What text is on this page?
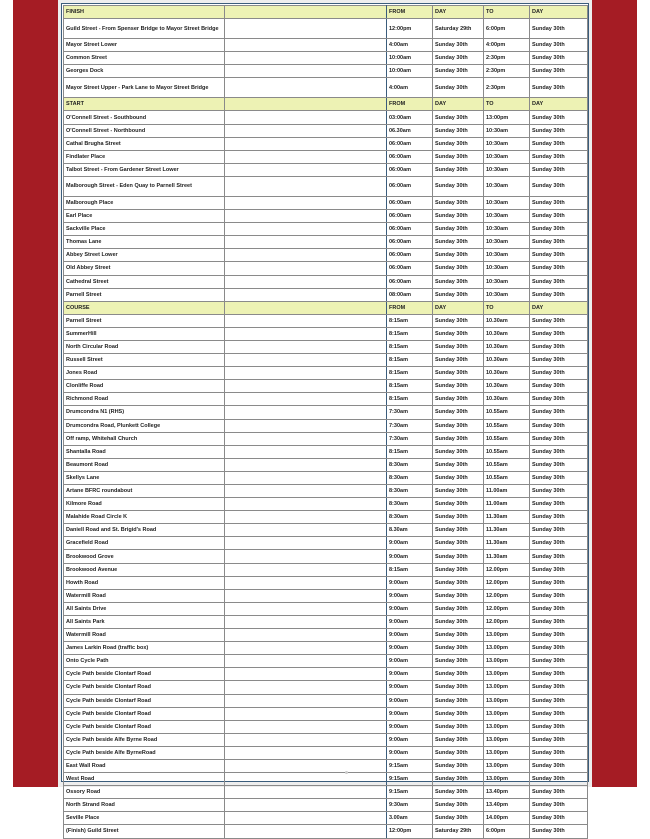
FINISH		FROM	DAY	TO	DAY
Guild Street - From Spenser Bridge to Mayor Street Bridge		12:00pm	Saturday 29th	6:00pm	Sunday 30th
Mayor Street Lower		4:00am	Sunday 30th	4:00pm	Sunday 30th
Common Street		10:00am	Sunday 30th	2:30pm	Sunday 30th
Georges Dock		10:00am	Sunday 30th	2:30pm	Sunday 30th
Mayor Street Upper - Park Lane to Mayor Street Bridge		4:00am	Sunday 30th	2:30pm	Sunday 30th
START		FROM	DAY	TO	DAY
O'Connell Street - Southbound		03:00am	Sunday 30th	13:00pm	Sunday 30th
O'Connell Street - Northbound		06.30am	Sunday 30th	10:30am	Sunday 30th
Cathal Brugha Street		06:00am	Sunday 30th	10:30am	Sunday 30th
Findlater Place		06:00am	Sunday 30th	10:30am	Sunday 30th
Talbot Street - From Gardener Street Lower		06:00am	Sunday 30th	10:30am	Sunday 30th
Malborough Street - Eden Quay to Parnell Street		06:00am	Sunday 30th	10:30am	Sunday 30th
Malborough Place		06:00am	Sunday 30th	10:30am	Sunday 30th
Earl Place		06:00am	Sunday 30th	10:30am	Sunday 30th
Sackville Place		06:00am	Sunday 30th	10:30am	Sunday 30th
Thomas Lane		06:00am	Sunday 30th	10:30am	Sunday 30th
Abbey Street Lower		06:00am	Sunday 30th	10:30am	Sunday 30th
Old Abbey Street		06:00am	Sunday 30th	10:30am	Sunday 30th
Cathedral Street		06:00am	Sunday 30th	10:30am	Sunday 30th
Parnell Street		08:00am	Sunday 30th	10:30am	Sunday 30th
COURSE		FROM	DAY	TO	DAY
Parnell Street		8:15am	Sunday 30th	10.30am	Sunday 30th
SummerHill		8:15am	Sunday 30th	10.30am	Sunday 30th
North Circular Road		8:15am	Sunday 30th	10.30am	Sunday 30th
Russell Street		8:15am	Sunday 30th	10.30am	Sunday 30th
Jones Road		8:15am	Sunday 30th	10.30am	Sunday 30th
Clonliffe Road		8:15am	Sunday 30th	10.30am	Sunday 30th
Richmond Road		8:15am	Sunday 30th	10.30am	Sunday 30th
Drumcondra N1 (RHS)		7:30am	Sunday 30th	10.55am	Sunday 30th
Drumcondra Road, Plunkett College		7:30am	Sunday 30th	10.55am	Sunday 30th
Off ramp, Whitehall Church		7:30am	Sunday 30th	10.55am	Sunday 30th
Shantalla Road		8:15am	Sunday 30th	10.55am	Sunday 30th
Beaumont Road		8:30am	Sunday 30th	10.55am	Sunday 30th
Skellys Lane		8:30am	Sunday 30th	10.55am	Sunday 30th
Artane BFRC roundabout		8:30am	Sunday 30th	11.00am	Sunday 30th
Kilmore Road		8:30am	Sunday 30th	11.00am	Sunday 30th
Malahide Road Circle K		8:30am	Sunday 30th	11.30am	Sunday 30th
Daniell Road and St. Brigid's Road		8.30am	Sunday 30th	11.30am	Sunday 30th
Gracefield Road		9:00am	Sunday 30th	11.30am	Sunday 30th
Brookwood Grove		9:00am	Sunday 30th	11.30am	Sunday 30th
Brookwood Avenue		8:15am	Sunday 30th	12.00pm	Sunday 30th
Howth Road		9:00am	Sunday 30th	12.00pm	Sunday 30th
Watermill Road		9:00am	Sunday 30th	12.00pm	Sunday 30th
All Saints Drive		9:00am	Sunday 30th	12.00pm	Sunday 30th
All Saints Park		9:00am	Sunday 30th	12.00pm	Sunday 30th
Watermill Road		9:00am	Sunday 30th	13.00pm	Sunday 30th
James Larkin Road (traffic box)		9:00am	Sunday 30th	13.00pm	Sunday 30th
Onto Cycle Path		9:00am	Sunday 30th	13.00pm	Sunday 30th
Cycle Path beside Clontarf Road		9:00am	Sunday 30th	13.00pm	Sunday 30th
Cycle Path beside Clontarf Road		9:00am	Sunday 30th	13.00pm	Sunday 30th
Cycle Path beside Clontarf Road		9:00am	Sunday 30th	13.00pm	Sunday 30th
Cycle Path beside Clontarf Road		9:00am	Sunday 30th	13.00pm	Sunday 30th
Cycle Path beside Clontarf Road		9:00am	Sunday 30th	13.00pm	Sunday 30th
Cycle Path beside Alfe Byrne Road		9:00am	Sunday 30th	13.00pm	Sunday 30th
Cycle Path beside Alfe ByrneRoad		9:00am	Sunday 30th	13.00pm	Sunday 30th
East Wall Road		9:15am	Sunday 30th	13.00pm	Sunday 30th
West Road		9:15am	Sunday 30th	13.00pm	Sunday 30th
Ossory Road		9:15am	Sunday 30th	13.40pm	Sunday 30th
North Strand Road		9:30am	Sunday 30th	13.40pm	Sunday 30th
Seville Place		3.00am	Sunday 30th	14.00pm	Sunday 30th
(Finish) Guild Street		12:00pm	Saturday 29th	6:00pm	Sunday 30th
